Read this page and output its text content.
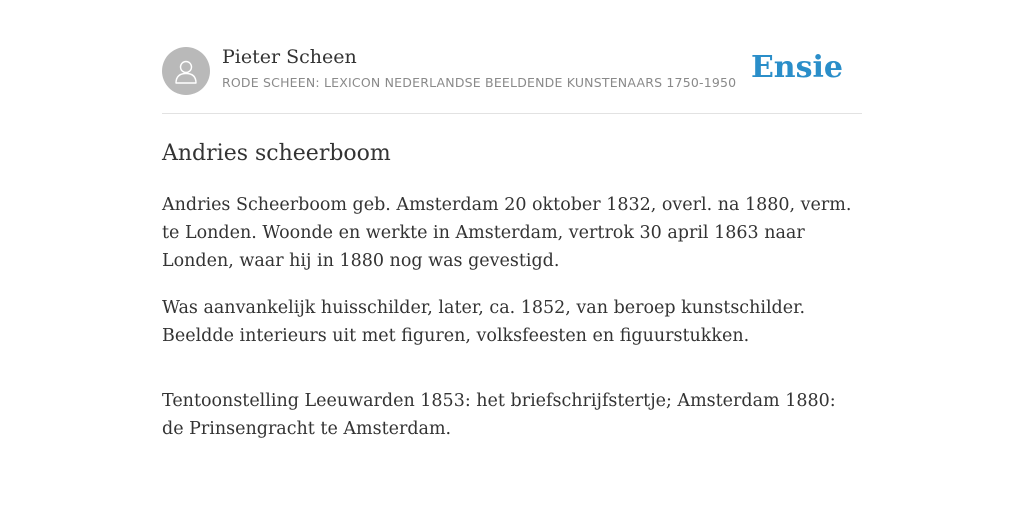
Pieter Scheen
RODE SCHEEN: LEXICON NEDERLANDSE BEELDENDE KUNSTENAARS 1750-1950 Ensie
Andries scheerboom

Andries Scheerboom geb. Amsterdam 20 oktober 1832, overl. na 1880, verm. te Londen. Woonde en werkte in Amsterdam, vertrok 30 april 1863 naar Londen, waar hij in 1880 nog was gevestigd.

Was aanvankelijk huisschilder, later, ca. 1852, van beroep kunstschilder. Beeldde interieurs uit met figuren, volksfeesten en figuurstukken.

Tentoonstelling Leeuwarden 1853: het briefschrijfstertje; Amsterdam 1880: de Prinsengracht te Amsterdam.
